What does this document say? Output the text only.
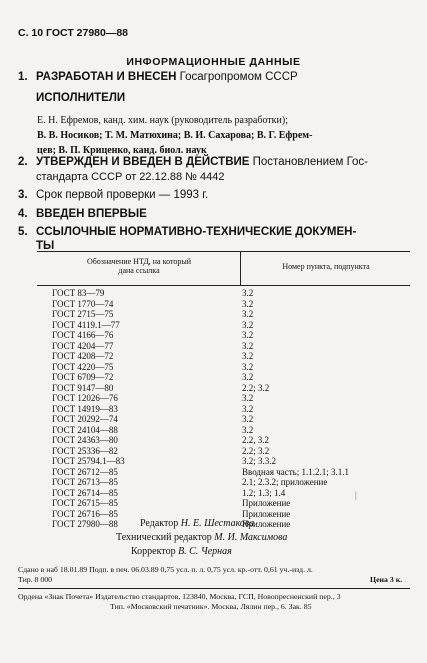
С. 10 ГОСТ 27980—88
ИНФОРМАЦИОННЫЕ ДАННЫЕ
1. РАЗРАБОТАН И ВНЕСЕН Госагропромом СССР
ИСПОЛНИТЕЛИ
Е. Н. Ефремов, канд. хим. наук (руководитель разработки);
В. В. Носиков; Т. М. Матюхина; В. И. Сахарова; В. Г. Ефрем-
цев; В. П. Криценко, канд. биол. наук
2. УТВЕРЖДЕН И ВВЕДЕН В ДЕЙСТВИЕ Постановлением Гос-
стандарта СССР от 22.12.88 № 4442
3. Срок первой проверки — 1993 г.
4. ВВЕДЕН ВПЕРВЫЕ
5. ССЫЛОЧНЫЕ НОРМАТИВНО-ТЕХНИЧЕСКИЕ ДОКУМЕН-
ТЫ
Обозначение НТД, на который
дана ссылка	Номер пункта, подпункта
ГОСТ 83—79	3.2
ГОСТ 1770—74	3.2
ГОСТ 2715—75	3.2
ГОСТ 4119.1—77	3.2
ГОСТ 4166—76	3.2
ГОСТ 4204—77	3.2
ГОСТ 4208—72	3.2
ГОСТ 4220—75	3.2
ГОСТ 6709—72	3.2
ГОСТ 9147—80	2.2; 3.2
ГОСТ 12026—76	3.2
ГОСТ 14919—83	3.2
ГОСТ 20292—74	3.2
ГОСТ 24104—88	3.2
ГОСТ 24363—80	2.2, 3.2
ГОСТ 25336—82	2.2; 3.2
ГОСТ 25794.1—83	3.2; 3.3.2
ГОСТ 26712—85	Вводная часть; 1.1.2.1; 3.1.1
ГОСТ 26713—85	2.1; 2.3.2; приложение
ГОСТ 26714—85	1.2; 1.3; 1.4
ГОСТ 26715—85	Приложение
ГОСТ 26716—85	Приложение
ГОСТ 27980—88	Приложение
|
Редактор Н. Е. Шестакова
Технический редактор М. И. Максимова
Корректор В. С. Черная
Сдано в наб 18.01.89 Подп. в печ. 06.03.89 0,75 усл. п. л. 0,75 усл. кр.-отт. 0,61 уч.-изд. л.
Тир. 8 000	Цена 3 к.
Ордена «Знак Почета» Издательство стандартов, 123840, Москва, ГСП, Новопресненский пер., 3
Тип. «Московский печатник». Москва, Лялин пер., 6. Зак. 85
